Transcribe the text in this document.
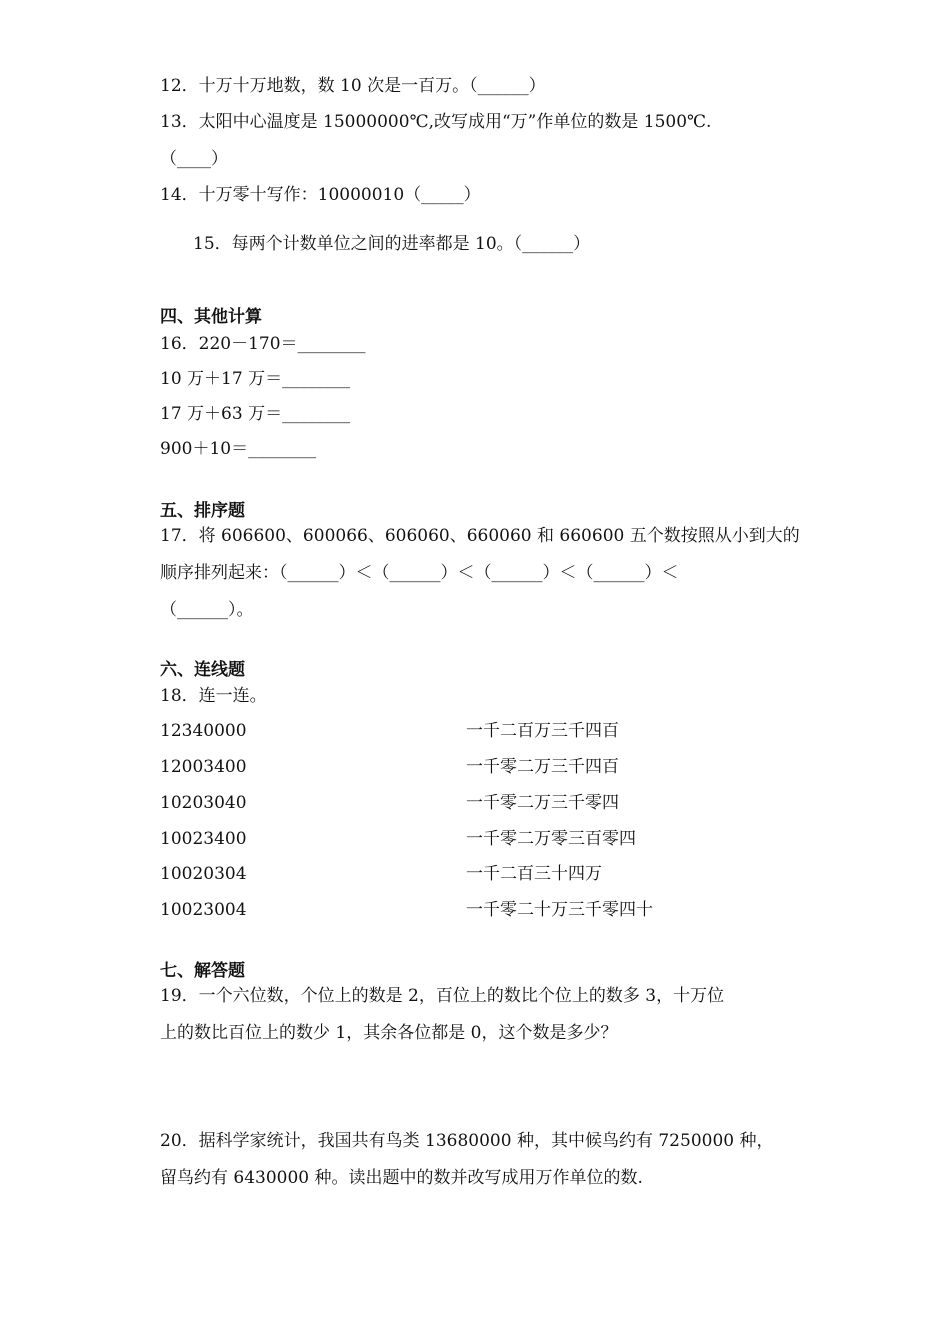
12．十万十万地数，数 10 次是一百万。（______）
13．太阳中心温度是 15000000℃,改写成用“万”作单位的数是 1500℃.
（____）
14．十万零十写作：10000010（_____）
15．每两个计数单位之间的进率都是 10。（______）
四、其他计算
16．220－170＝________
10 万＋17 万＝________
17 万＋63 万＝________
900＋10＝________
五、排序题
17．将 606600、600066、606060、660060 和 660600 五个数按照从小到大的
顺序排列起来：（______）＜（______）＜（______）＜（______）＜
（______）。
六、连线题
18．连一连。
12340000
12003400
10203040
10023400
10020304
10023004
一千二百万三千四百
一千零二万三千四百
一千零二万三千零四
一千零二万零三百零四
一千二百三十四万
一千零二十万三千零四十
七、解答题
19．一个六位数，个位上的数是 2，百位上的数比个位上的数多 3，十万位
上的数比百位上的数少 1，其余各位都是 0，这个数是多少？
20．据科学家统计，我国共有鸟类 13680000 种，其中候鸟约有 7250000 种，
留鸟约有 6430000 种。读出题中的数并改写成用万作单位的数.
